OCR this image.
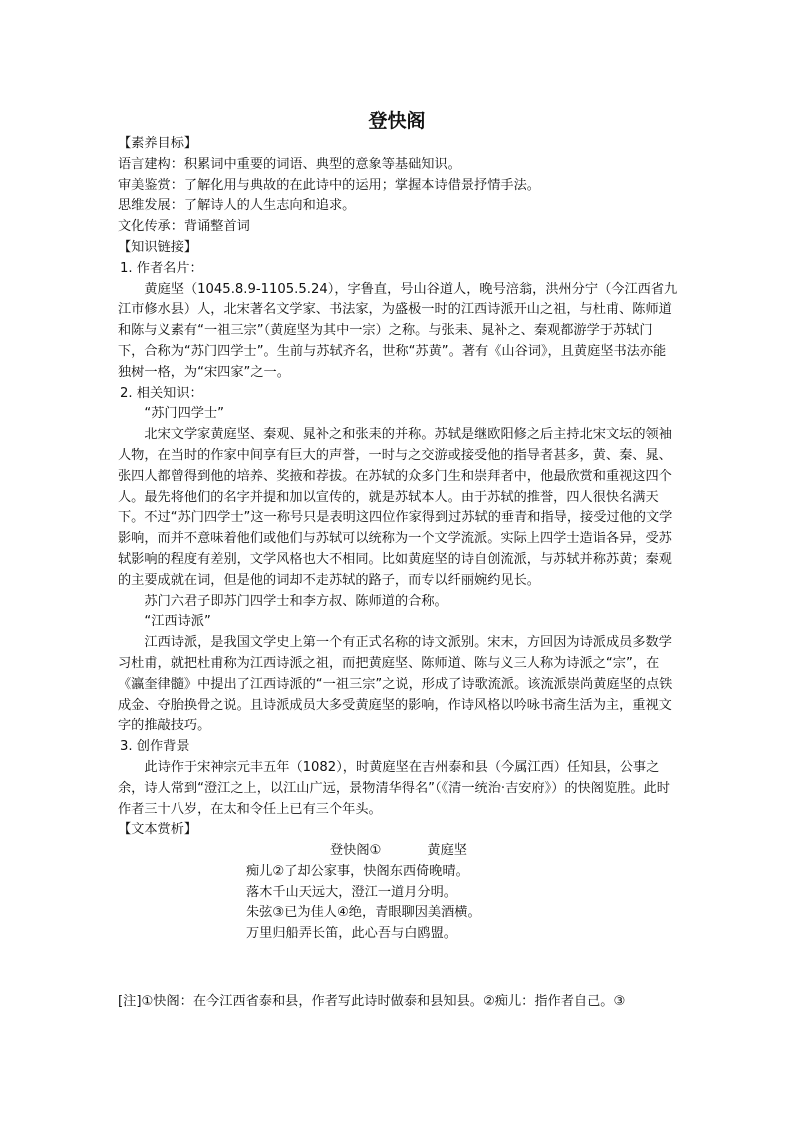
登快阁

【素养目标】

语言建构：积累词中重要的词语、典型的意象等基础知识。

审美鉴赏：了解化用与典故的在此诗中的运用；掌握本诗借景抒情手法。

思维发展：了解诗人的人生志向和追求。

文化传承：背诵整首词

【知识链接】

1. 作者名片：

黄庭坚（1045.8.9-1105.5.24），字鲁直，号山谷道人，晚号涪翁，洪州分宁（今江西省九江市修水县）人，北宋著名文学家、书法家，为盛极一时的江西诗派开山之祖，与杜甫、陈师道和陈与义素有“一祖三宗”（黄庭坚为其中一宗）之称。与张耒、晁补之、秦观都游学于苏轼门下，合称为“苏门四学士”。生前与苏轼齐名，世称“苏黄”。著有《山谷词》，且黄庭坚书法亦能独树一格，为“宋四家”之一。

2. 相关知识：

“苏门四学士”

北宋文学家黄庭坚、秦观、晁补之和张耒的并称。苏轼是继欧阳修之后主持北宋文坛的领袖人物，在当时的作家中间享有巨大的声誉，一时与之交游或接受他的指导者甚多，黄、秦、晁、张四人都曾得到他的培养、奖掖和荐拔。在苏轼的众多门生和崇拜者中，他最欣赏和重视这四个人。最先将他们的名字并提和加以宣传的，就是苏轼本人。由于苏轼的推誉，四人很快名满天下。不过“苏门四学士”这一称号只是表明这四位作家得到过苏轼的垂青和指导，接受过他的文学影响，而并不意味着他们或他们与苏轼可以统称为一个文学流派。实际上四学士造诣各异，受苏轼影响的程度有差别，文学风格也大不相同。比如黄庭坚的诗自创流派，与苏轼并称苏黄；秦观的主要成就在词，但是他的词却不走苏轼的路子，而专以纤丽婉约见长。

苏门六君子即苏门四学士和李方叔、陈师道的合称。

“江西诗派”

江西诗派，是我国文学史上第一个有正式名称的诗文派别。宋末，方回因为诗派成员多数学习杜甫，就把杜甫称为江西诗派之祖，而把黄庭坚、陈师道、陈与义三人称为诗派之“宗”，在《瀛奎律髓》中提出了江西诗派的“一祖三宗”之说，形成了诗歌流派。该流派崇尚黄庭坚的点铁成金、夺胎换骨之说。且诗派成员大多受黄庭坚的影响，作诗风格以吟咏书斋生活为主，重视文字的推敲技巧。

3. 创作背景

此诗作于宋神宗元丰五年（1082），时黄庭坚在吉州泰和县（今属江西）任知县，公事之余，诗人常到“澄江之上，以江山广远，景物清华得名”（《清一统治·吉安府》）的快阁览胜。此时作者三十八岁，在太和令任上已有三个年头。

【文本赏析】

登快阁①	黄庭坚

痴儿②了却公家事，快阁东西倚晚晴。

落木千山天远大，澄江一道月分明。

朱弦③已为佳人④绝，青眼聊因美酒横。

万里归船弄长笛，此心吾与白鸥盟。

[注]①快阁：在今江西省泰和县，作者写此诗时做泰和县知县。②痴儿：指作者自己。③
